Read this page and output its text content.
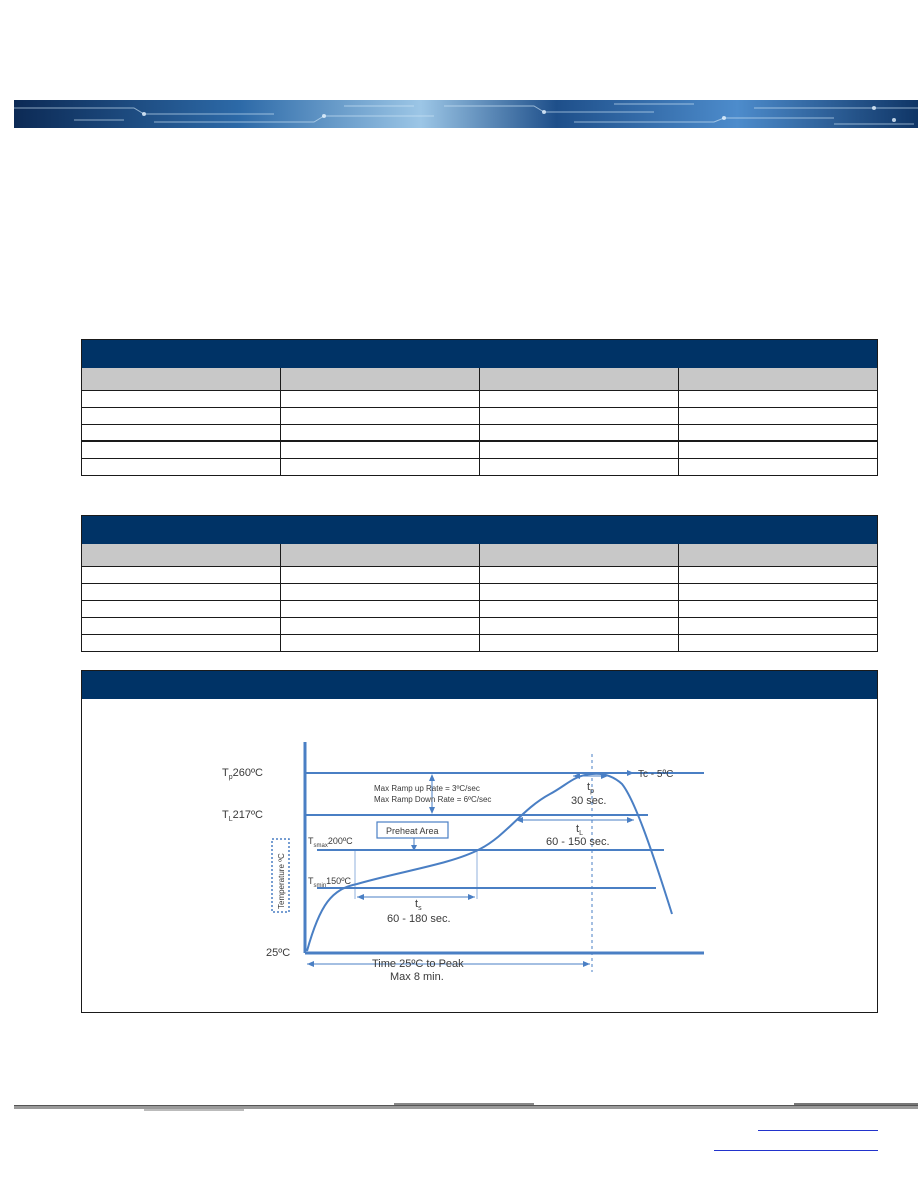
$T_p260ºC$
$T_L217ºC$
$T_{smax}200ºC$
$T_{smin}150ºC$
25ºC
Temperature ºC
Max Ramp up Rate = 3ºC/sec
Max Ramp Down Rate = 6ºC/sec
Preheat Area
Tc - 5ºC
$t_p$
30 sec.
$t_L$
60 - 150 sec.
$t_s$
60 - 180 sec.
Time 25ºC to Peak
Max 8 min.
